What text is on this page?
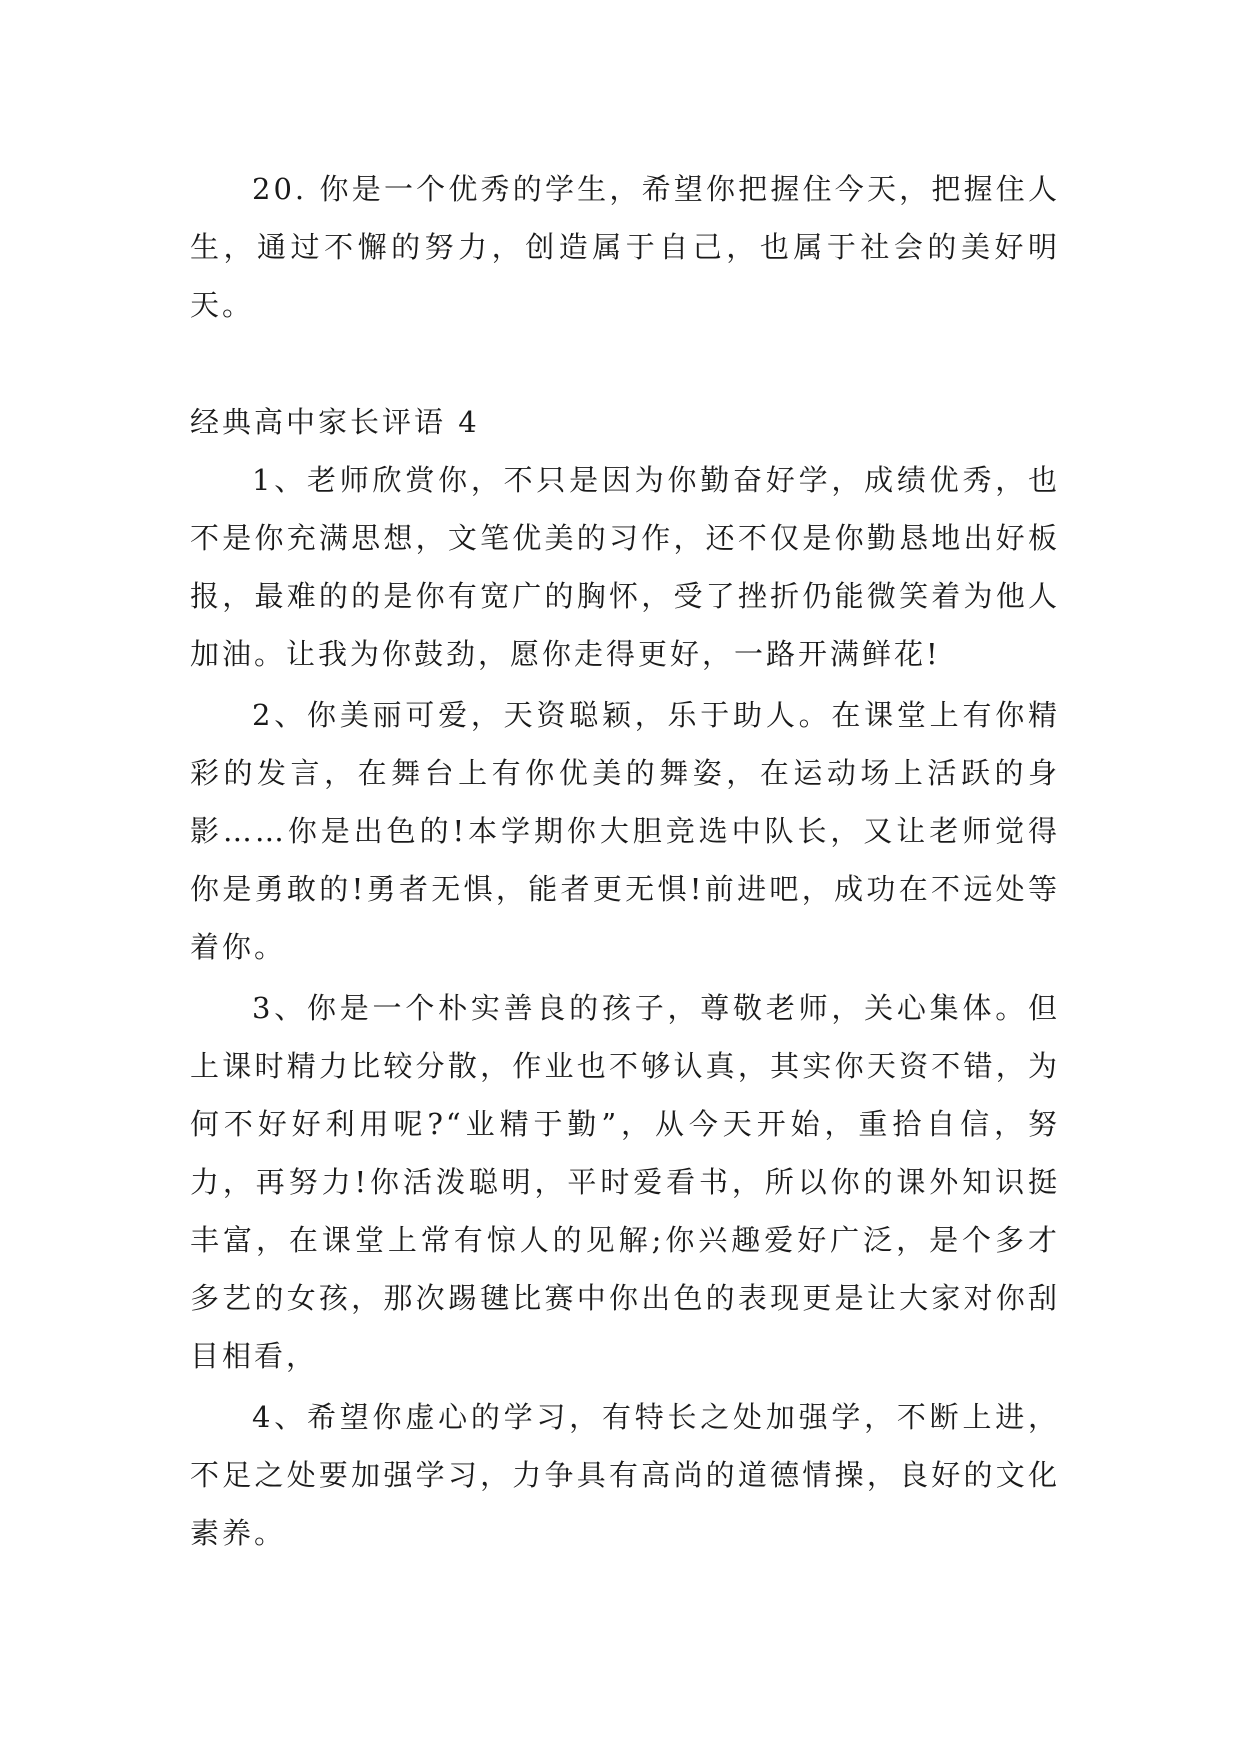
20. 你是一个优秀的学生，希望你把握住今天，把握住人生，通过不懈的努力，创造属于自己，也属于社会的美好明天。

经典高中家长评语 4

1、老师欣赏你，不只是因为你勤奋好学，成绩优秀，也不是你充满思想，文笔优美的习作，还不仅是你勤恳地出好板报，最难的的是你有宽广的胸怀，受了挫折仍能微笑着为他人加油。让我为你鼓劲，愿你走得更好，一路开满鲜花!

2、你美丽可爱，天资聪颖，乐于助人。在课堂上有你精彩的发言，在舞台上有你优美的舞姿，在运动场上活跃的身影……你是出色的!本学期你大胆竞选中队长，又让老师觉得你是勇敢的!勇者无惧，能者更无惧!前进吧，成功在不远处等着你。

3、你是一个朴实善良的孩子，尊敬老师，关心集体。但上课时精力比较分散，作业也不够认真，其实你天资不错，为何不好好利用呢?“业精于勤”，从今天开始，重拾自信，努力，再努力!你活泼聪明，平时爱看书，所以你的课外知识挺丰富，在课堂上常有惊人的见解;你兴趣爱好广泛，是个多才多艺的女孩，那次踢毽比赛中你出色的表现更是让大家对你刮目相看，

4、希望你虚心的学习，有特长之处加强学，不断上进，不足之处要加强学习，力争具有高尚的道德情操，良好的文化素养。
